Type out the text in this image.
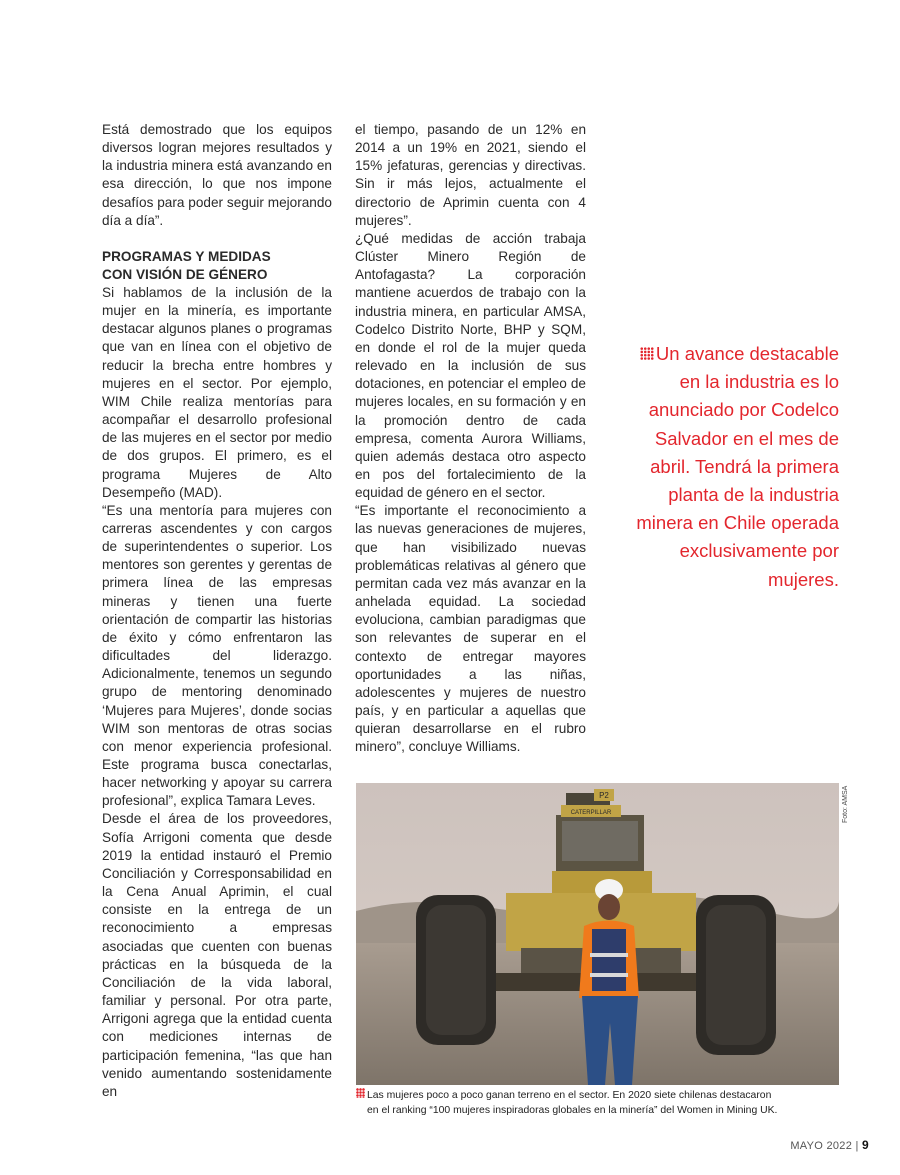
Está demostrado que los equipos diversos logran mejores resultados y la industria minera está avanzando en esa dirección, lo que nos impone desafíos para poder seguir mejorando día a día”.

PROGRAMAS Y MEDIDAS
CON VISIÓN DE GÉNERO

Si hablamos de la inclusión de la mujer en la minería, es importante destacar algunos planes o programas que van en línea con el objetivo de reducir la brecha entre hombres y mujeres en el sector. Por ejemplo, WIM Chile realiza mentorías para acompañar el desarrollo profesional de las mujeres en el sector por medio de dos grupos. El primero, es el programa Mujeres de Alto Desempeño (MAD).

“Es una mentoría para mujeres con carreras ascendentes y con cargos de superintendentes o superior. Los mentores son gerentes y gerentas de primera línea de las empresas mineras y tienen una fuerte orientación de compartir las historias de éxito y cómo enfrentaron las dificultades del liderazgo. Adicionalmente, tenemos un segundo grupo de mentoring denominado ‘Mujeres para Mujeres’, donde socias WIM son mentoras de otras socias con menor experiencia profesional. Este programa busca conectarlas, hacer networking y apoyar su carrera profesional”, explica Tamara Leves.

Desde el área de los proveedores, Sofía Arrigoni comenta que desde 2019 la entidad instauró el Premio Conciliación y Corresponsabilidad en la Cena Anual Aprimin, el cual consiste en la entrega de un reconocimiento a empresas asociadas que cuenten con buenas prácticas en la búsqueda de la Conciliación de la vida laboral, familiar y personal. Por otra parte, Arrigoni agrega que la entidad cuenta con mediciones internas de participación femenina, “las que han venido aumentando sostenidamente en

el tiempo, pasando de un 12% en 2014 a un 19% en 2021, siendo el 15% jefaturas, gerencias y directivas. Sin ir más lejos, actualmente el directorio de Aprimin cuenta con 4 mujeres”.

¿Qué medidas de acción trabaja Clúster Minero Región de Antofagasta? La corporación mantiene acuerdos de trabajo con la industria minera, en particular AMSA, Codelco Distrito Norte, BHP y SQM, en donde el rol de la mujer queda relevado en la inclusión de sus dotaciones, en potenciar el empleo de mujeres locales, en su formación y en la promoción dentro de cada empresa, comenta Aurora Williams, quien además destaca otro aspecto en pos del fortalecimiento de la equidad de género en el sector.

“Es importante el reconocimiento a las nuevas generaciones de mujeres, que han visibilizado nuevas problemáticas relativas al género que permitan cada vez más avanzar en la anhelada equidad. La sociedad evoluciona, cambian paradigmas que son relevantes de superar en el contexto de entregar mayores oportunidades a las niñas, adolescentes y mujeres de nuestro país, y en particular a aquellas que quieran desarrollarse en el rubro minero”, concluye Williams.

Un avance destacable en la industria es lo anunciado por Codelco Salvador en el mes de abril. Tendrá la primera planta de la industria minera en Chile operada exclusivamente por mujeres.
CATERPILLAR
P2	Foto: AMSA
Las mujeres poco a poco ganan terreno en el sector. En 2020 siete chilenas destacaron
en el ranking “100 mujeres inspiradoras globales en la minería” del Women in Mining UK.
MAYO 2022 | 9
